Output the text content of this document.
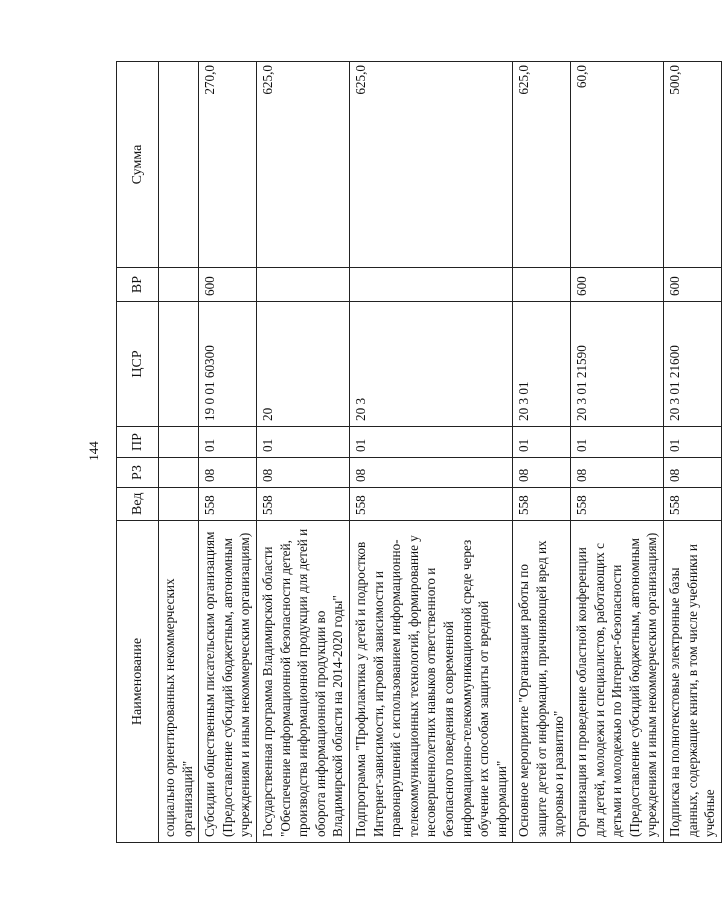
144
Наименование	Вед	РЗ	ПР	ЦСР	ВР	Сумма
социально ориентированных некоммерческих организаций"						
Субсидии общественным писательским организациям (Предоставление субсидий бюджетным, автономным учреждениям и иным некоммерческим организациям)	558	08	01	19 0 01 60300	600	270,0
Государственная программа Владимирской области "Обеспечение информационной безопасности детей, производства информационной продукции для детей и оборота информационной продукции во Владимирской области на 2014-2020 годы"	558	08	01	20		625,0
Подпрограмма "Профилактика у детей и подростков Интернет-зависимости, игровой зависимости и правонарушений с использованием информационно-телекоммуникационных технологий, формирование у несовершеннолетних навыков ответственного и безопасного поведения в современной информационно-телекоммуникационной среде через обучение их способам защиты от вредной информации"	558	08	01	20 3		625,0
Основное мероприятие "Организация работы по защите детей от информации, причиняющей вред их здоровью и развитию"	558	08	01	20 3 01		625,0
Организация и проведение областной конференции для детей, молодежи и специалистов, работающих с детьми и молодежью по Интернет-безопасности (Предоставление субсидий бюджетным, автономным учреждениям и иным некоммерческим организациям)	558	08	01	20 3 01 21590	600	60,0
Подписка на полнотекстовые электронные базы данных, содержащие книги, в том числе учебники и учебные	558	08	01	20 3 01 21600	600	500,0
